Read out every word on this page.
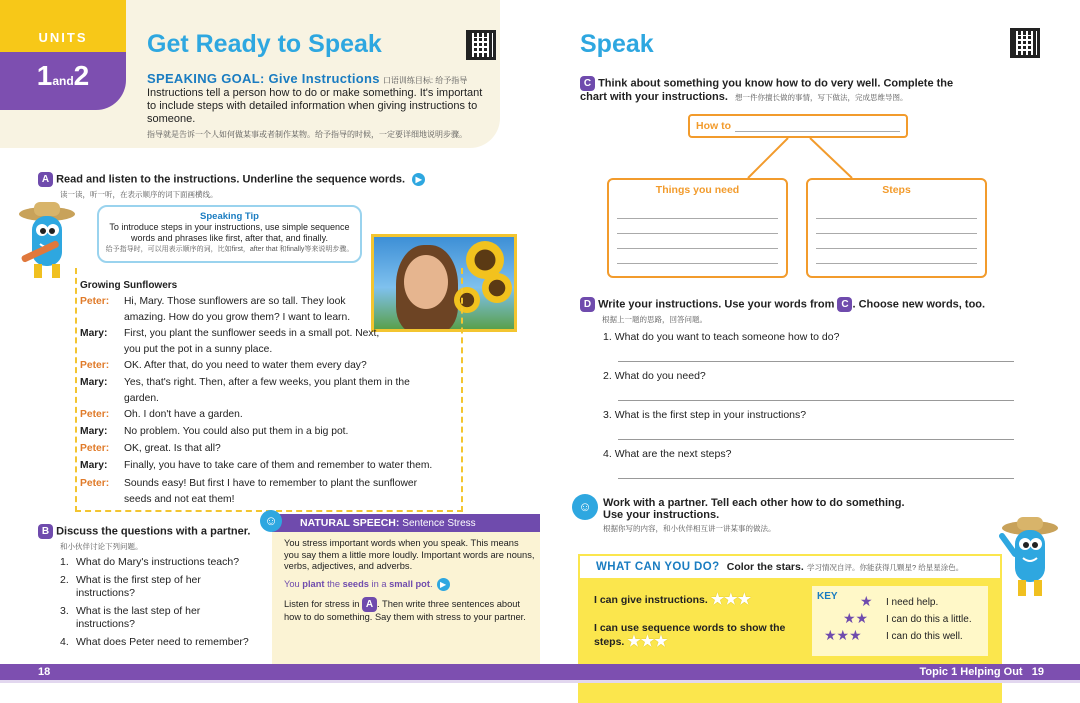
UNITS
1and2
Get Ready to Speak
SPEAKING GOAL: Give Instructions 口语训练目标: 给予指导
Instructions tell a person how to do or make something. It's important to include steps with detailed information when giving instructions to someone.
指导就是告诉一个人如何做某事或者制作某物。给予指导的时候，一定要详细地说明步骤。
A Read and listen to the instructions. Underline the sequence words. ▶
读一读，听一听，在表示顺序的词下面画横线。
Speaking Tip
To introduce steps in your instructions, use simple sequence words and phrases like first, after that, and finally.
给予指导时，可以用表示顺序的词，比如first，after that 和finally等来说明步骤。
Growing Sunflowers
Peter: Hi, Mary. Those sunflowers are so tall. They look amazing. How do you grow them? I want to learn.
Mary: First, you plant the sunflower seeds in a small pot. Next, you put the pot in a sunny place.
Peter: OK. After that, do you need to water them every day?
Mary: Yes, that's right. Then, after a few weeks, you plant them in the garden.
Peter: Oh. I don't have a garden.
Mary: No problem. You could also put them in a big pot.
Peter: OK, great. Is that all?
Mary: Finally, you have to take care of them and remember to water them.
Peter: Sounds easy! But first I have to remember to plant the sunflower seeds and not eat them!
B Discuss the questions with a partner.
和小伙伴讨论下列问题。
1. What do Mary's instructions teach?
2. What is the first step of her instructions?
3. What is the last step of her instructions?
4. What does Peter need to remember?
NATURAL SPEECH: Sentence Stress
☺
You stress important words when you speak. This means you say them a little more loudly. Important words are nouns, verbs, adjectives, and adverbs.
You plant the seeds in a small pot. ▶
Listen for stress in A . Then write three sentences about how to do something. Say them with stress to your partner.
Speak
C Think about something you know how to do very well. Complete the chart with your instructions. 想一件你擅长做的事情，写下做法，完成思维导图。
How to
Things you need	Steps
D Write your instructions. Use your words from C . Choose new words, too.
根据上一题的思路，回答问题。
1. What do you want to teach someone how to do?
2. What do you need?
3. What is the first step in your instructions?
4. What are the next steps?
☺	Work with a partner. Tell each other how to do something. Use your instructions.
根据你写的内容，和小伙伴相互讲一讲某事的做法。
WHAT CAN YOU DO? Color the stars. 学习情况自评。你能获得几颗星? 给星星涂色。
I can give instructions. ★★★
I can use sequence words to show the steps. ★★★
KEY ★ I need help.
★★ I can do this a little.
★★★ I can do this well.
18	Topic 1 Helping Out 19
